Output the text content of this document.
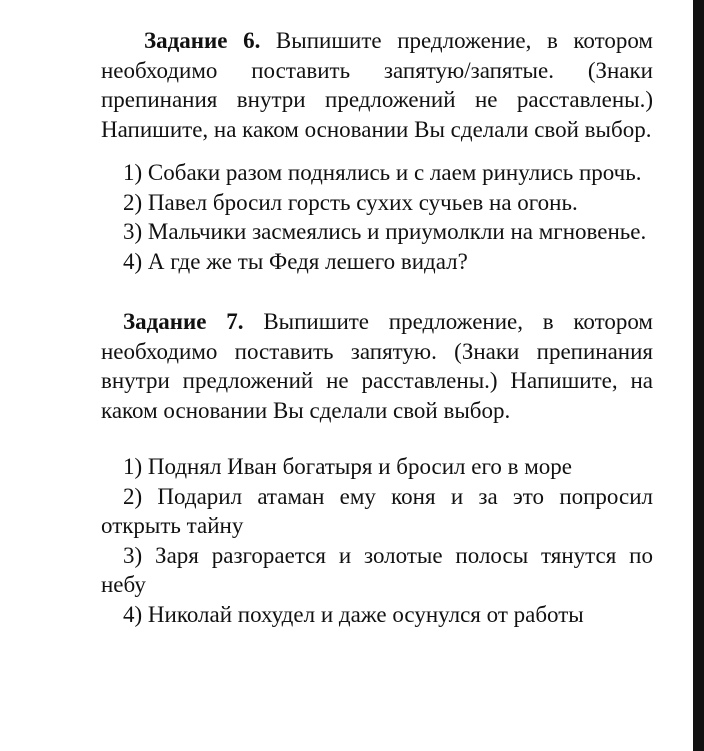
Задание 6. Выпишите предложение, в котором необходимо поставить запятую/запятые. (Знаки препинания внутри предложений не расставлены.) Напишите, на каком основании Вы сделали свой выбор.

1) Собаки разом поднялись и с лаем ринулись прочь.

2) Павел бросил горсть сухих сучьев на огонь.

3) Мальчики засмеялись и приумолкли на мгновенье.

4) А где же ты Федя лешего видал?

Задание 7. Выпишите предложение, в котором необходимо поставить запятую. (Знаки препинания внутри предложений не расставлены.) Напишите, на каком основании Вы сделали свой выбор.

1) Поднял Иван богатыря и бросил его в море

2) Подарил атаман ему коня и за это попросил открыть тайну

3) Заря разгорается и золотые полосы тянутся по небу

4) Николай похудел и даже осунулся от работы
